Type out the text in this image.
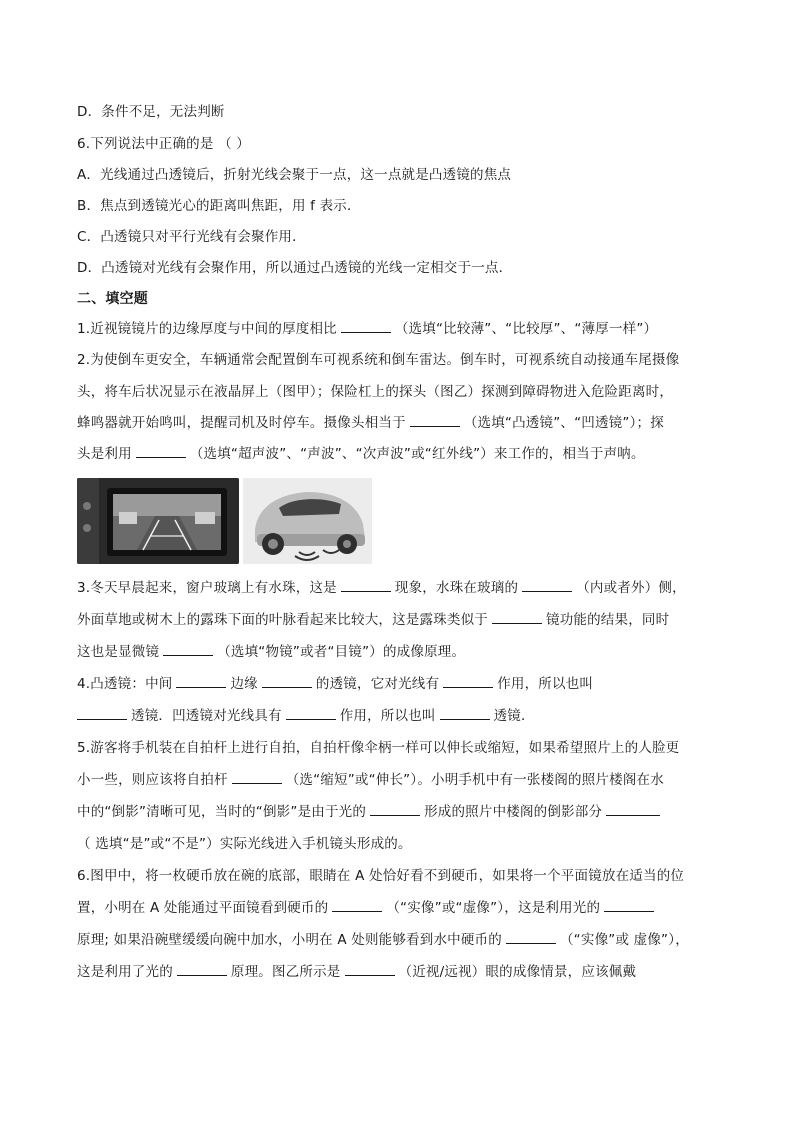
D．条件不足，无法判断
6.下列说法中正确的是 （ ）
A．光线通过凸透镜后，折射光线会聚于一点，这一点就是凸透镜的焦点
B．焦点到透镜光心的距离叫焦距，用 f 表示．
C．凸透镜只对平行光线有会聚作用．
D．凸透镜对光线有会聚作用，所以通过凸透镜的光线一定相交于一点．
二、填空题
1.近视镜镜片的边缘厚度与中间的厚度相比	（选填“比较薄”、“比较厚”、“薄厚一样”）
2.为使倒车更安全，车辆通常会配置倒车可视系统和倒车雷达。倒车时，可视系统自动接通车尾摄像
头，将车后状况显示在液晶屏上（图甲）；保险杠上的探头（图乙）探测到障碍物进入危险距离时，
蜂鸣器就开始鸣叫，提醒司机及时停车。摄像头相当于	（选填“凸透镜”、“凹透镜”）；探
头是利用	（选填“超声波”、“声波”、“次声波”或“红外线”）来工作的，相当于声呐。
3.冬天早晨起来，窗户玻璃上有水珠，这是	现象，水珠在玻璃的	（内或者外）侧，
外面草地或树木上的露珠下面的叶脉看起来比较大，这是露珠类似于	镜功能的结果，同时
这也是显微镜	（选填“物镜”或者“目镜”）的成像原理。
4.凸透镜：中间	边缘	的透镜，它对光线有	作用，所以也叫
透镜．凹透镜对光线具有	作用，所以也叫	透镜．
5.游客将手机装在自拍杆上进行自拍，自拍杆像伞柄一样可以伸长或缩短，如果希望照片上的人脸更
小一些，则应该将自拍杆	（选“缩短”或“伸长”）。小明手机中有一张楼阁的照片楼阁在水
中的“倒影”清晰可见，当时的“倒影”是由于光的	形成的照片中楼阁的倒影部分
（ 选填“是”或“不是”）实际光线进入手机镜头形成的。
6.图甲中，将一枚硬币放在碗的底部，眼睛在 A 处恰好看不到硬币，如果将一个平面镜放在适当的位
置，小明在 A 处能通过平面镜看到硬币的	（“实像”或“虚像”），这是利用光的
原理; 如果沿碗壁缓缓向碗中加水，小明在 A 处则能够看到水中硬币的	（“实像”或 虚像”），
这是利用了光的	原理。图乙所示是	（近视/远视）眼的成像情景，应该佩戴
